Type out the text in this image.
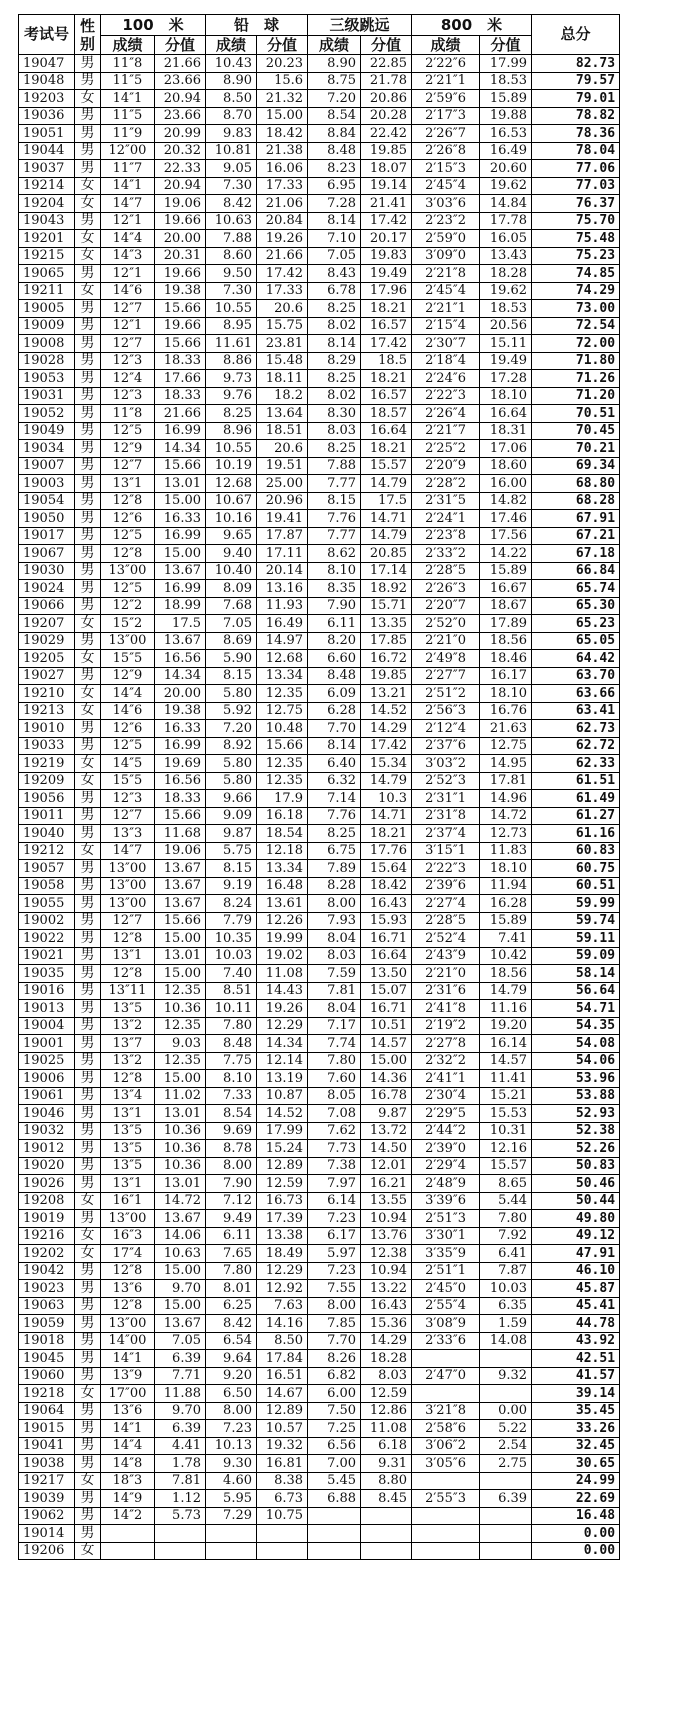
考试号	性别	100　米		铅　球		三级跳远		800　米		总分
		成绩	分值	成绩	分值	成绩	分值	成绩	分值	
19047	男	11″8	21.66	10.43	20.23	8.90	22.85	2′22″6	17.99	82.73
19048	男	11″5	23.66	8.90	15.6	8.75	21.78	2′21″1	18.53	79.57
19203	女	14″1	20.94	8.50	21.32	7.20	20.86	2′59″6	15.89	79.01
19036	男	11″5	23.66	8.70	15.00	8.54	20.28	2′17″3	19.88	78.82
19051	男	11″9	20.99	9.83	18.42	8.84	22.42	2′26″7	16.53	78.36
19044	男	12″00	20.32	10.81	21.38	8.48	19.85	2′26″8	16.49	78.04
19037	男	11″7	22.33	9.05	16.06	8.23	18.07	2′15″3	20.60	77.06
19214	女	14″1	20.94	7.30	17.33	6.95	19.14	2′45″4	19.62	77.03
19204	女	14″7	19.06	8.42	21.06	7.28	21.41	3′03″6	14.84	76.37
19043	男	12″1	19.66	10.63	20.84	8.14	17.42	2′23″2	17.78	75.70
19201	女	14″4	20.00	7.88	19.26	7.10	20.17	2′59″0	16.05	75.48
19215	女	14″3	20.31	8.60	21.66	7.05	19.83	3′09″0	13.43	75.23
19065	男	12″1	19.66	9.50	17.42	8.43	19.49	2′21″8	18.28	74.85
19211	女	14″6	19.38	7.30	17.33	6.78	17.96	2′45″4	19.62	74.29
19005	男	12″7	15.66	10.55	20.6	8.25	18.21	2′21″1	18.53	73.00
19009	男	12″1	19.66	8.95	15.75	8.02	16.57	2′15″4	20.56	72.54
19008	男	12″7	15.66	11.61	23.81	8.14	17.42	2′30″7	15.11	72.00
19028	男	12″3	18.33	8.86	15.48	8.29	18.5	2′18″4	19.49	71.80
19053	男	12″4	17.66	9.73	18.11	8.25	18.21	2′24″6	17.28	71.26
19031	男	12″3	18.33	9.76	18.2	8.02	16.57	2′22″3	18.10	71.20
19052	男	11″8	21.66	8.25	13.64	8.30	18.57	2′26″4	16.64	70.51
19049	男	12″5	16.99	8.96	18.51	8.03	16.64	2′21″7	18.31	70.45
19034	男	12″9	14.34	10.55	20.6	8.25	18.21	2′25″2	17.06	70.21
19007	男	12″7	15.66	10.19	19.51	7.88	15.57	2′20″9	18.60	69.34
19003	男	13″1	13.01	12.68	25.00	7.77	14.79	2′28″2	16.00	68.80
19054	男	12″8	15.00	10.67	20.96	8.15	17.5	2′31″5	14.82	68.28
19050	男	12″6	16.33	10.16	19.41	7.76	14.71	2′24″1	17.46	67.91
19017	男	12″5	16.99	9.65	17.87	7.77	14.79	2′23″8	17.56	67.21
19067	男	12″8	15.00	9.40	17.11	8.62	20.85	2′33″2	14.22	67.18
19030	男	13″00	13.67	10.40	20.14	8.10	17.14	2′28″5	15.89	66.84
19024	男	12″5	16.99	8.09	13.16	8.35	18.92	2′26″3	16.67	65.74
19066	男	12″2	18.99	7.68	11.93	7.90	15.71	2′20″7	18.67	65.30
19207	女	15″2	17.5	7.05	16.49	6.11	13.35	2′52″0	17.89	65.23
19029	男	13″00	13.67	8.69	14.97	8.20	17.85	2′21″0	18.56	65.05
19205	女	15″5	16.56	5.90	12.68	6.60	16.72	2′49″8	18.46	64.42
19027	男	12″9	14.34	8.15	13.34	8.48	19.85	2′27″7	16.17	63.70
19210	女	14″4	20.00	5.80	12.35	6.09	13.21	2′51″2	18.10	63.66
19213	女	14″6	19.38	5.92	12.75	6.28	14.52	2′56″3	16.76	63.41
19010	男	12″6	16.33	7.20	10.48	7.70	14.29	2′12″4	21.63	62.73
19033	男	12″5	16.99	8.92	15.66	8.14	17.42	2′37″6	12.75	62.72
19219	女	14″5	19.69	5.80	12.35	6.40	15.34	3′03″2	14.95	62.33
19209	女	15″5	16.56	5.80	12.35	6.32	14.79	2′52″3	17.81	61.51
19056	男	12″3	18.33	9.66	17.9	7.14	10.3	2′31″1	14.96	61.49
19011	男	12″7	15.66	9.09	16.18	7.76	14.71	2′31″8	14.72	61.27
19040	男	13″3	11.68	9.87	18.54	8.25	18.21	2′37″4	12.73	61.16
19212	女	14″7	19.06	5.75	12.18	6.75	17.76	3′15″1	11.83	60.83
19057	男	13″00	13.67	8.15	13.34	7.89	15.64	2′22″3	18.10	60.75
19058	男	13″00	13.67	9.19	16.48	8.28	18.42	2′39″6	11.94	60.51
19055	男	13″00	13.67	8.24	13.61	8.00	16.43	2′27″4	16.28	59.99
19002	男	12″7	15.66	7.79	12.26	7.93	15.93	2′28″5	15.89	59.74
19022	男	12″8	15.00	10.35	19.99	8.04	16.71	2′52″4	7.41	59.11
19021	男	13″1	13.01	10.03	19.02	8.03	16.64	2′43″9	10.42	59.09
19035	男	12″8	15.00	7.40	11.08	7.59	13.50	2′21″0	18.56	58.14
19016	男	13″11	12.35	8.51	14.43	7.81	15.07	2′31″6	14.79	56.64
19013	男	13″5	10.36	10.11	19.26	8.04	16.71	2′41″8	11.16	54.71
19004	男	13″2	12.35	7.80	12.29	7.17	10.51	2′19″2	19.20	54.35
19001	男	13″7	9.03	8.48	14.34	7.74	14.57	2′27″8	16.14	54.08
19025	男	13″2	12.35	7.75	12.14	7.80	15.00	2′32″2	14.57	54.06
19006	男	12″8	15.00	8.10	13.19	7.60	14.36	2′41″1	11.41	53.96
19061	男	13″4	11.02	7.33	10.87	8.05	16.78	2′30″4	15.21	53.88
19046	男	13″1	13.01	8.54	14.52	7.08	9.87	2′29″5	15.53	52.93
19032	男	13″5	10.36	9.69	17.99	7.62	13.72	2′44″2	10.31	52.38
19012	男	13″5	10.36	8.78	15.24	7.73	14.50	2′39″0	12.16	52.26
19020	男	13″5	10.36	8.00	12.89	7.38	12.01	2′29″4	15.57	50.83
19026	男	13″1	13.01	7.90	12.59	7.97	16.21	2′48″9	8.65	50.46
19208	女	16″1	14.72	7.12	16.73	6.14	13.55	3′39″6	5.44	50.44
19019	男	13″00	13.67	9.49	17.39	7.23	10.94	2′51″3	7.80	49.80
19216	女	16″3	14.06	6.11	13.38	6.17	13.76	3′30″1	7.92	49.12
19202	女	17″4	10.63	7.65	18.49	5.97	12.38	3′35″9	6.41	47.91
19042	男	12″8	15.00	7.80	12.29	7.23	10.94	2′51″1	7.87	46.10
19023	男	13″6	9.70	8.01	12.92	7.55	13.22	2′45″0	10.03	45.87
19063	男	12″8	15.00	6.25	7.63	8.00	16.43	2′55″4	6.35	45.41
19059	男	13″00	13.67	8.42	14.16	7.85	15.36	3′08″9	1.59	44.78
19018	男	14″00	7.05	6.54	8.50	7.70	14.29	2′33″6	14.08	43.92
19045	男	14″1	6.39	9.64	17.84	8.26	18.28			42.51
19060	男	13″9	7.71	9.20	16.51	6.82	8.03	2′47″0	9.32	41.57
19218	女	17″00	11.88	6.50	14.67	6.00	12.59			39.14
19064	男	13″6	9.70	8.00	12.89	7.50	12.86	3′21″8	0.00	35.45
19015	男	14″1	6.39	7.23	10.57	7.25	11.08	2′58″6	5.22	33.26
19041	男	14″4	4.41	10.13	19.32	6.56	6.18	3′06″2	2.54	32.45
19038	男	14″8	1.78	9.30	16.81	7.00	9.31	3′05″6	2.75	30.65
19217	女	18″3	7.81	4.60	8.38	5.45	8.80			24.99
19039	男	14″9	1.12	5.95	6.73	6.88	8.45	2′55″3	6.39	22.69
19062	男	14″2	5.73	7.29	10.75					16.48
19014	男									0.00
19206	女									0.00
